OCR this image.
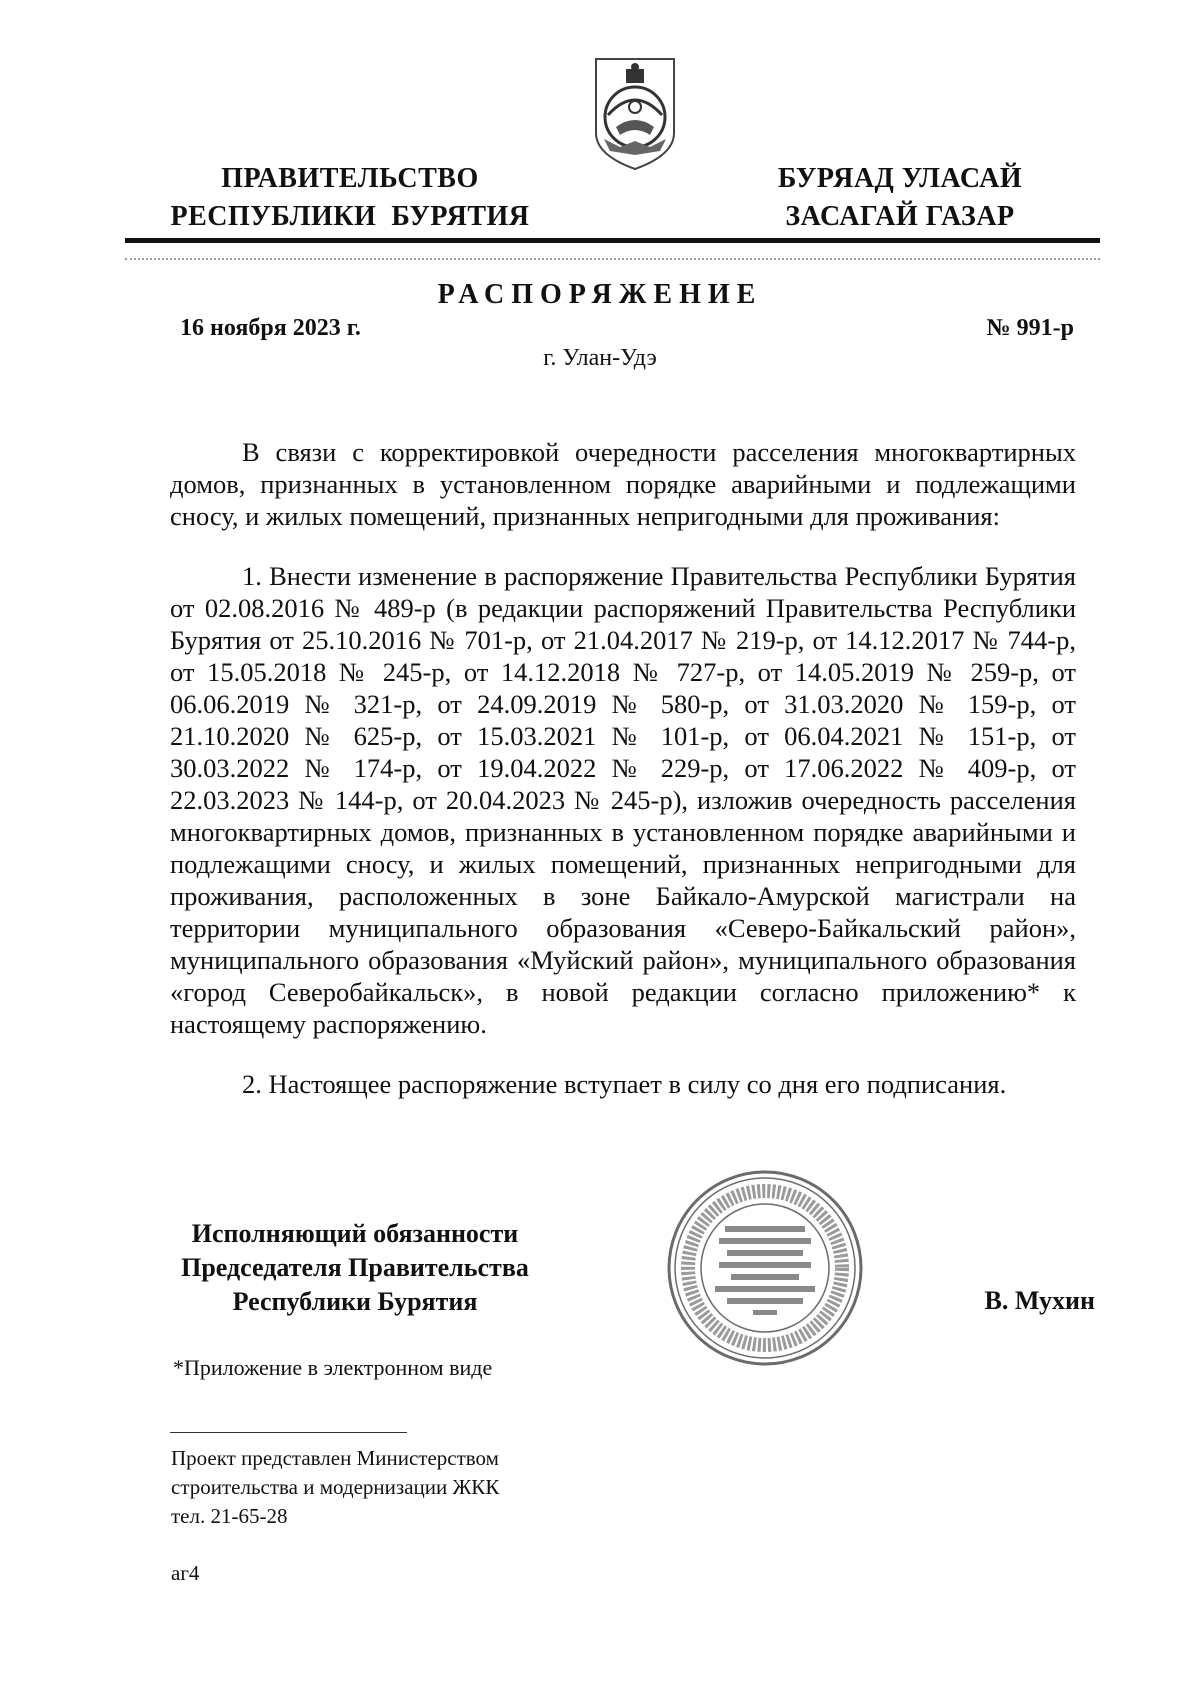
ПРАВИТЕЛЬСТВО
РЕСПУБЛИКИ  БУРЯТИЯ
БУРЯАД УЛАСАЙ
ЗАСАГАЙ ГАЗАР
РАСПОРЯЖЕНИЕ
16 ноября 2023 г.	№ 991-р
г. Улан-Удэ

В связи с корректировкой очередности расселения многоквартирных домов, признанных в установленном порядке аварийными и подлежащими сносу, и жилых помещений, признанных непригодными для проживания:

1. Внести изменение в распоряжение Правительства Республики Бурятия от 02.08.2016 № 489-р (в редакции распоряжений Правительства Республики Бурятия от 25.10.2016 № 701-р, от 21.04.2017 № 219-р, от 14.12.2017 № 744-р, от 15.05.2018 № 245-р, от 14.12.2018 № 727-р, от 14.05.2019 № 259-р, от 06.06.2019 № 321-р, от 24.09.2019 № 580-р, от 31.03.2020 № 159-р, от 21.10.2020 № 625-р, от 15.03.2021 № 101-р, от 06.04.2021 № 151-р, от 30.03.2022 № 174-р, от 19.04.2022 № 229-р, от 17.06.2022 № 409-р, от 22.03.2023 № 144-р, от 20.04.2023 № 245-р), изложив очередность расселения многоквартирных домов, признанных в установленном порядке аварийными и подлежащими сносу, и жилых помещений, признанных непригодными для проживания, расположенных в зоне Байкало-Амурской магистрали на территории муниципального образования «Северо-Байкальский район», муниципального образования «Муйский район», муниципального образования «город Северобайкальск», в новой редакции согласно приложению* к настоящему распоряжению.

2. Настоящее распоряжение вступает в силу со дня его подписания.

Исполняющий обязанности
Председателя Правительства
Республики Бурятия	В. Мухин
*Приложение в электронном виде
Проект представлен Министерством
строительства и модернизации ЖКК
тел. 21-65-28
аг4
